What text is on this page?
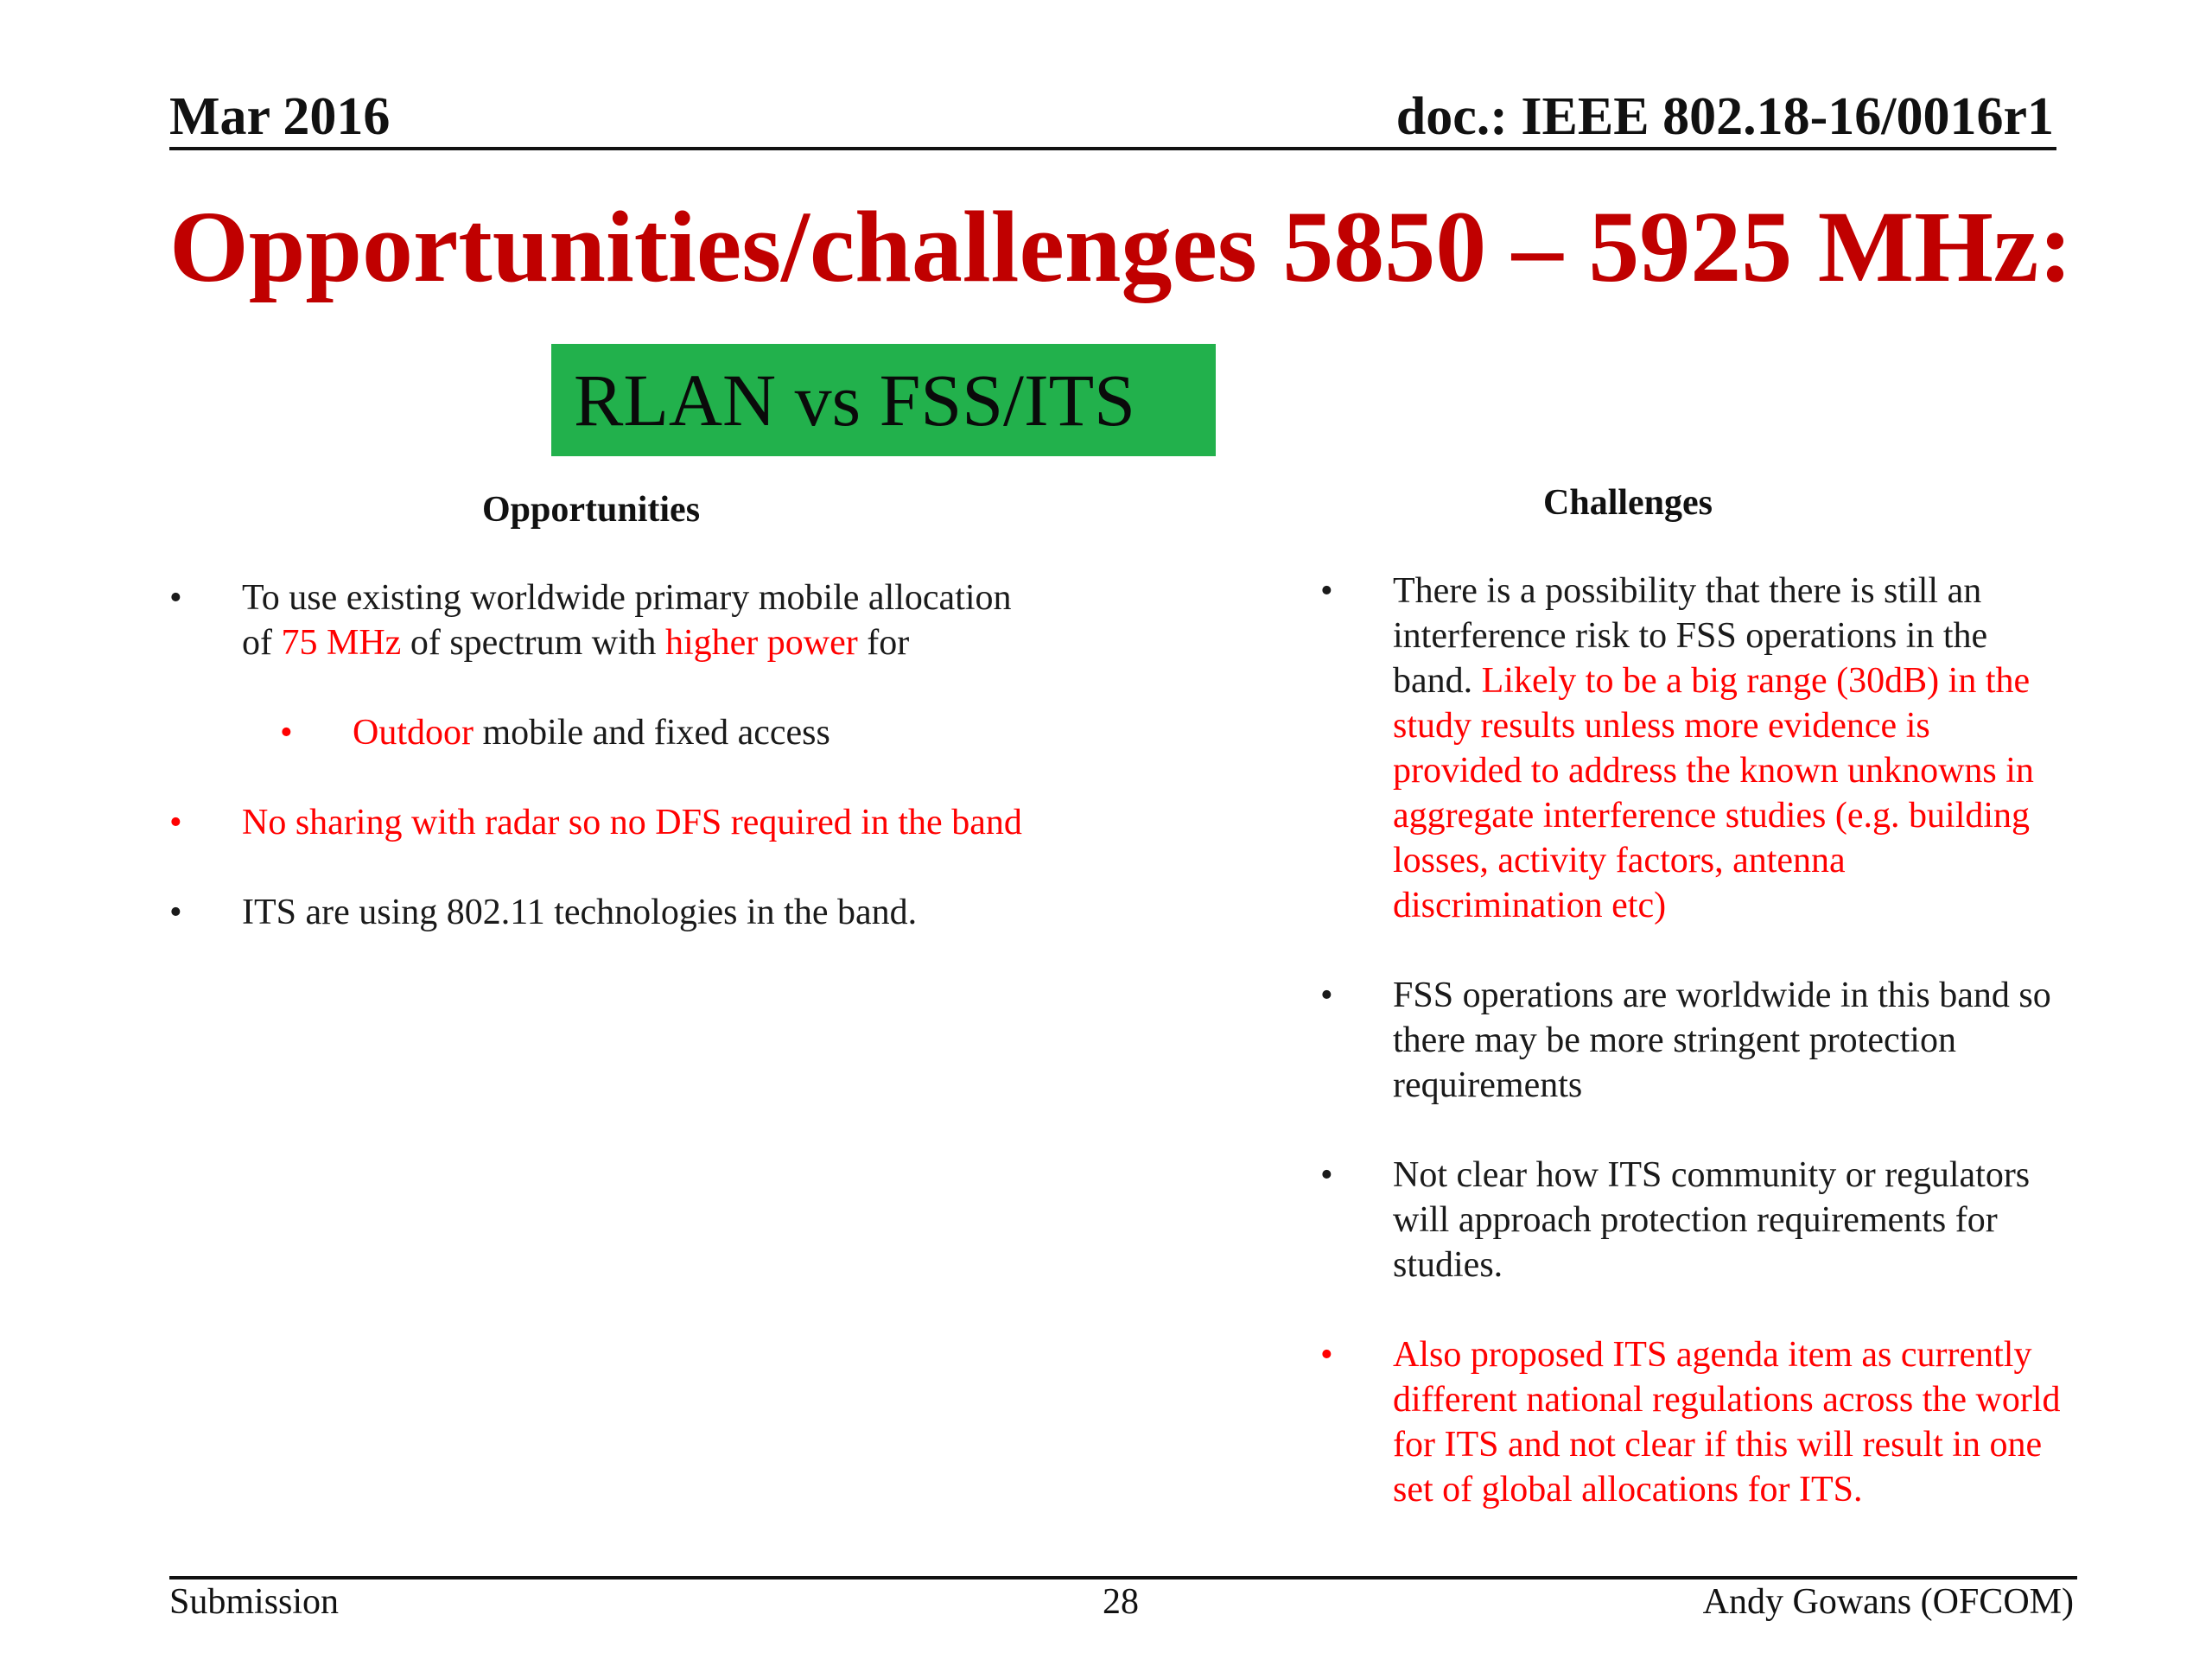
Mar 2016	doc.: IEEE 802.18-16/0016r1
Opportunities/challenges 5850 – 5925 MHz:
RLAN vs FSS/ITS
Opportunities
• To use existing worldwide primary mobile allocation of 75 MHz of spectrum with higher power for
• Outdoor mobile and fixed access
• No sharing with radar so no DFS required in the band
• ITS are using 802.11 technologies in the band.
Challenges
• There is a possibility that there is still an interference risk to FSS operations in the band. Likely to be a big range (30dB) in the study results unless more evidence is provided to address the known unknowns in aggregate interference studies (e.g. building losses, activity factors, antenna discrimination etc)
• FSS operations are worldwide in this band so there may be more stringent protection requirements
• Not clear how ITS community or regulators will approach protection requirements for studies.
• Also proposed ITS agenda item as currently different national regulations across the world for ITS and not clear if this will result in one set of global allocations for ITS.
Submission	28	Andy Gowans (OFCOM)
